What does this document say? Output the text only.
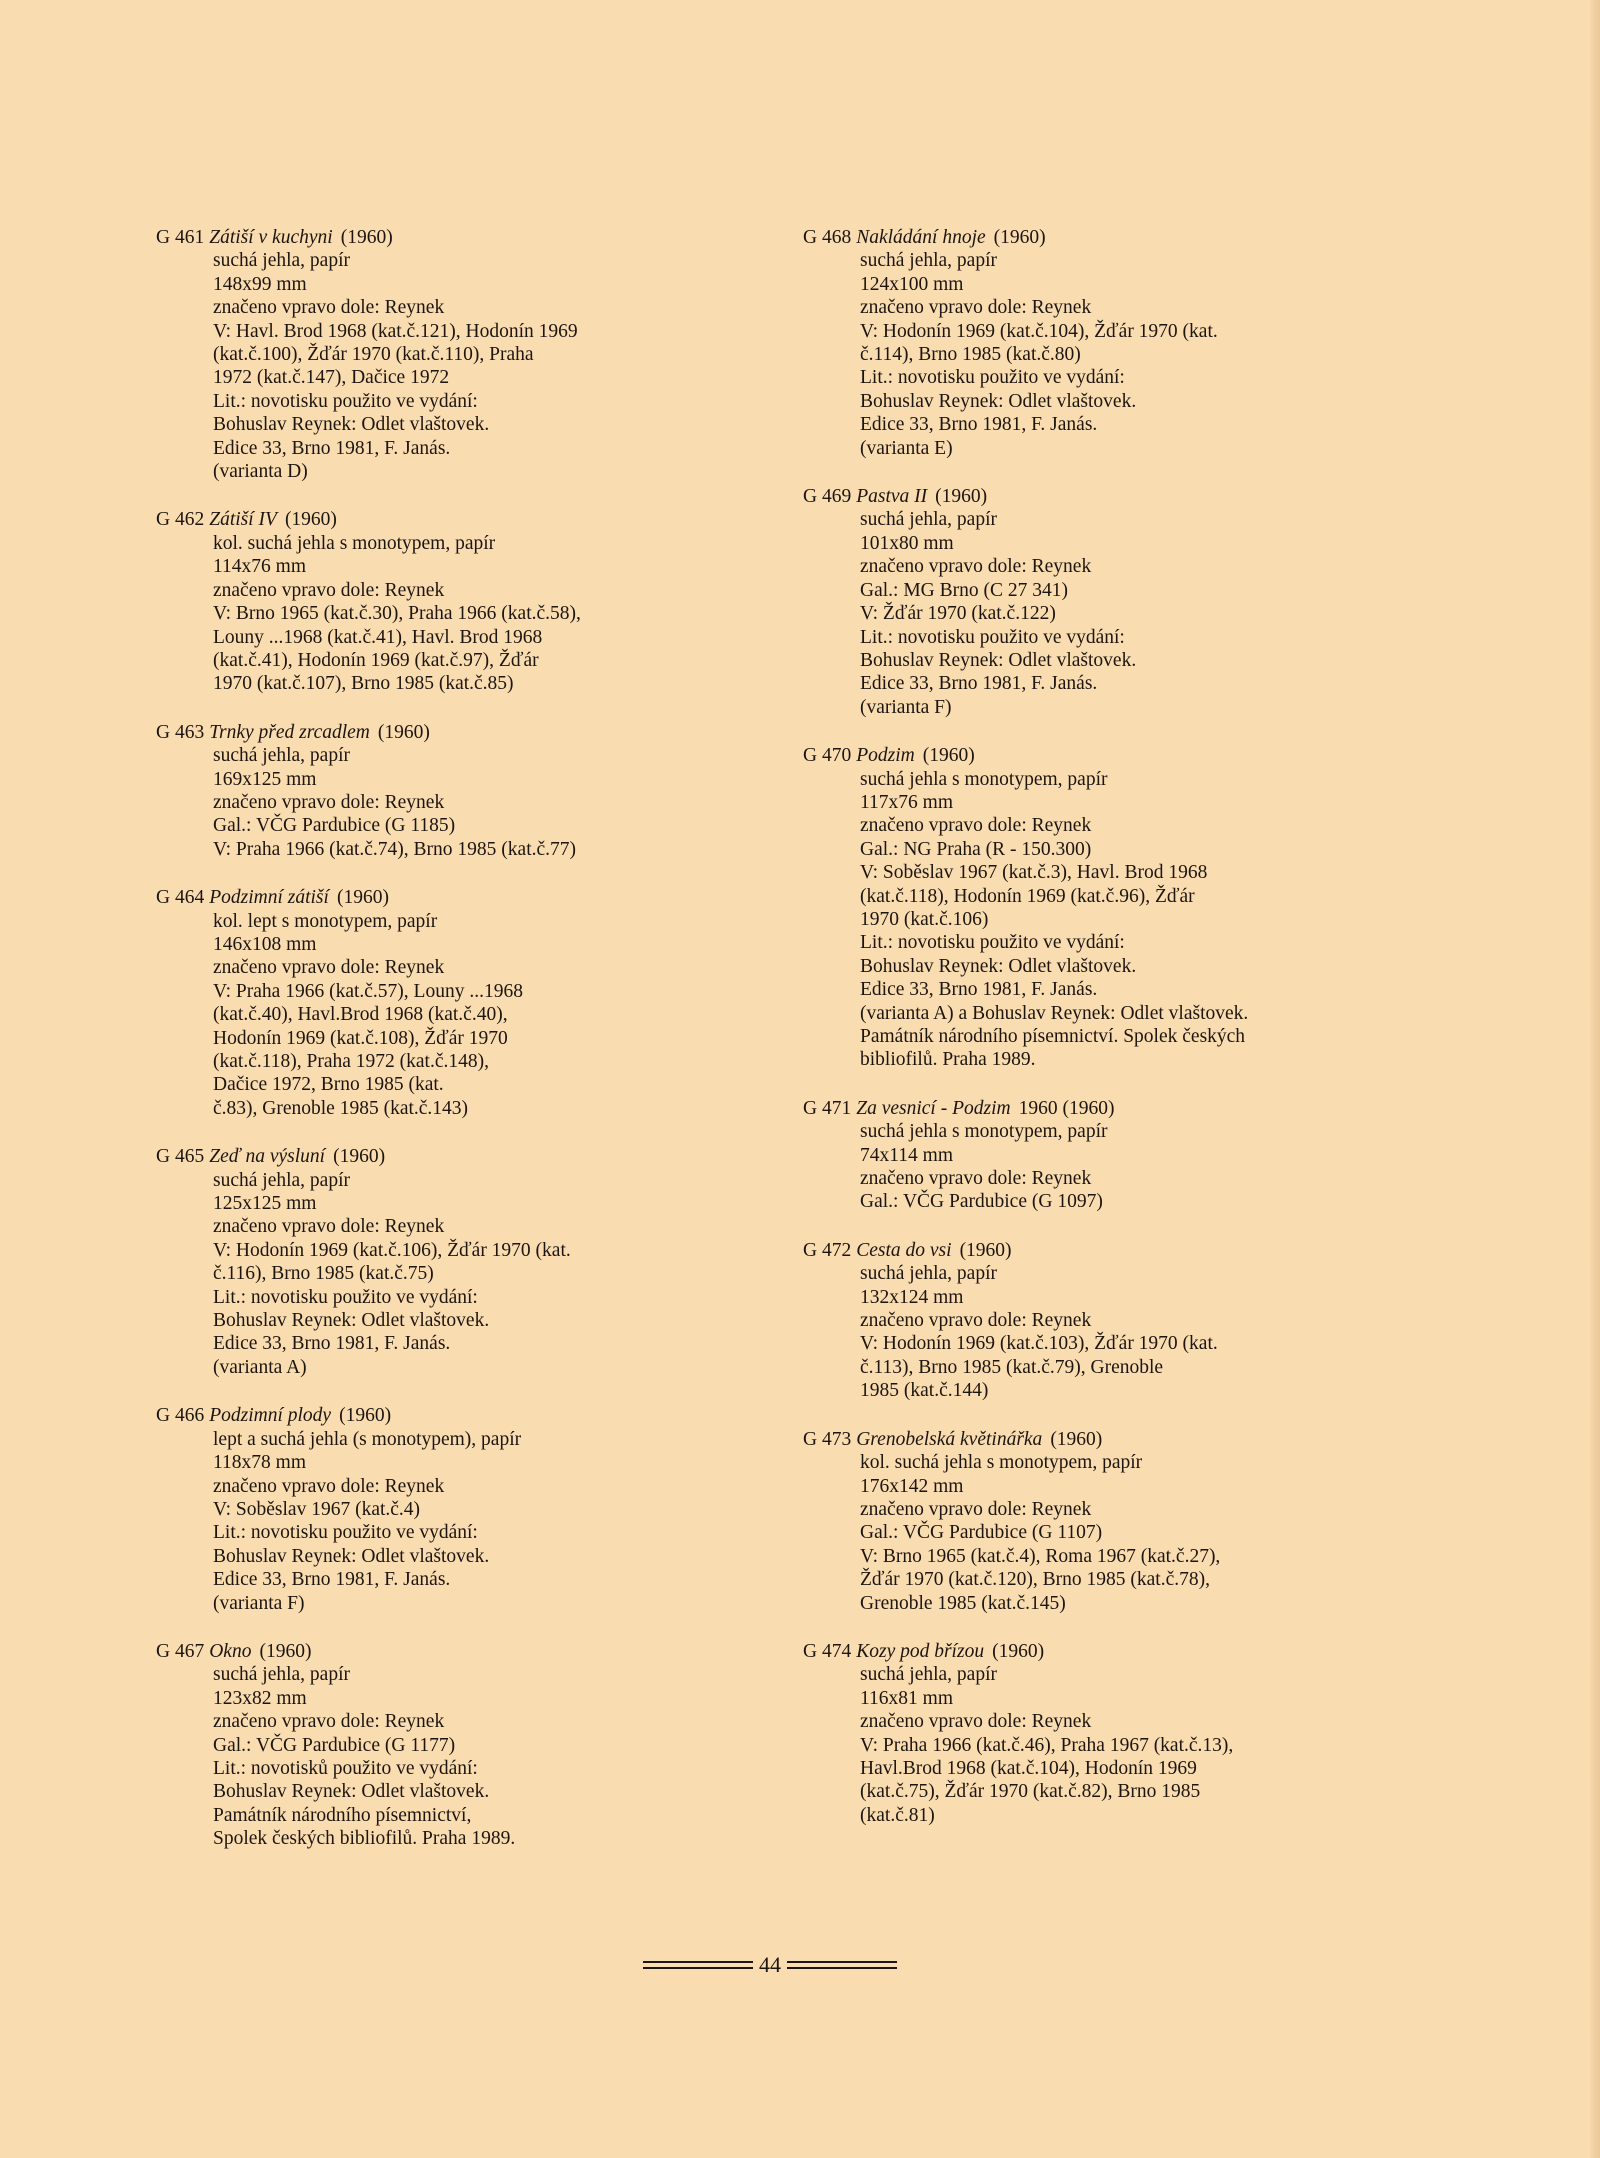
G 461 Zátiší v kuchyni (1960)
suchá jehla, papír
148x99 mm
značeno vpravo dole: Reynek
V: Havl. Brod 1968 (kat.č.121), Hodonín 1969
(kat.č.100), Žďár 1970 (kat.č.110), Praha
1972 (kat.č.147), Dačice 1972
Lit.: novotisku použito ve vydání:
Bohuslav Reynek: Odlet vlaštovek.
Edice 33, Brno 1981, F. Janás.
(varianta D)
G 462 Zátiší IV (1960)
kol. suchá jehla s monotypem, papír
114x76 mm
značeno vpravo dole: Reynek
V: Brno 1965 (kat.č.30), Praha 1966 (kat.č.58),
Louny ...1968 (kat.č.41), Havl. Brod 1968
(kat.č.41), Hodonín 1969 (kat.č.97), Žďár
1970 (kat.č.107), Brno 1985 (kat.č.85)
G 463 Trnky před zrcadlem (1960)
suchá jehla, papír
169x125 mm
značeno vpravo dole: Reynek
Gal.: VČG Pardubice (G 1185)
V: Praha 1966 (kat.č.74), Brno 1985 (kat.č.77)
G 464 Podzimní zátiší (1960)
kol. lept s monotypem, papír
146x108 mm
značeno vpravo dole: Reynek
V: Praha 1966 (kat.č.57), Louny ...1968
(kat.č.40), Havl.Brod 1968 (kat.č.40),
Hodonín 1969 (kat.č.108), Žďár 1970
(kat.č.118), Praha 1972 (kat.č.148),
Dačice 1972, Brno 1985 (kat.
č.83), Grenoble 1985 (kat.č.143)
G 465 Zeď na výsluní (1960)
suchá jehla, papír
125x125 mm
značeno vpravo dole: Reynek
V: Hodonín 1969 (kat.č.106), Žďár 1970 (kat.
č.116), Brno 1985 (kat.č.75)
Lit.: novotisku použito ve vydání:
Bohuslav Reynek: Odlet vlaštovek.
Edice 33, Brno 1981, F. Janás.
(varianta A)
G 466 Podzimní plody (1960)
lept a suchá jehla (s monotypem), papír
118x78 mm
značeno vpravo dole: Reynek
V: Soběslav 1967 (kat.č.4)
Lit.: novotisku použito ve vydání:
Bohuslav Reynek: Odlet vlaštovek.
Edice 33, Brno 1981, F. Janás.
(varianta F)
G 467 Okno (1960)
suchá jehla, papír
123x82 mm
značeno vpravo dole: Reynek
Gal.: VČG Pardubice (G 1177)
Lit.: novotisků použito ve vydání:
Bohuslav Reynek: Odlet vlaštovek.
Památník národního písemnictví,
Spolek českých bibliofilů. Praha 1989.
G 468 Nakládání hnoje (1960)
suchá jehla, papír
124x100 mm
značeno vpravo dole: Reynek
V: Hodonín 1969 (kat.č.104), Žďár 1970 (kat.
č.114), Brno 1985 (kat.č.80)
Lit.: novotisku použito ve vydání:
Bohuslav Reynek: Odlet vlaštovek.
Edice 33, Brno 1981, F. Janás.
(varianta E)
G 469 Pastva II (1960)
suchá jehla, papír
101x80 mm
značeno vpravo dole: Reynek
Gal.: MG Brno (C 27 341)
V: Žďár 1970 (kat.č.122)
Lit.: novotisku použito ve vydání:
Bohuslav Reynek: Odlet vlaštovek.
Edice 33, Brno 1981, F. Janás.
(varianta F)
G 470 Podzim (1960)
suchá jehla s monotypem, papír
117x76 mm
značeno vpravo dole: Reynek
Gal.: NG Praha (R - 150.300)
V: Soběslav 1967 (kat.č.3), Havl. Brod 1968
(kat.č.118), Hodonín 1969 (kat.č.96), Žďár
1970 (kat.č.106)
Lit.: novotisku použito ve vydání:
Bohuslav Reynek: Odlet vlaštovek.
Edice 33, Brno 1981, F. Janás.
(varianta A) a Bohuslav Reynek: Odlet vlaštovek.
Památník národního písemnictví. Spolek českých
bibliofilů. Praha 1989.
G 471 Za vesnicí - Podzim 1960 (1960)
suchá jehla s monotypem, papír
74x114 mm
značeno vpravo dole: Reynek
Gal.: VČG Pardubice (G 1097)
G 472 Cesta do vsi (1960)
suchá jehla, papír
132x124 mm
značeno vpravo dole: Reynek
V: Hodonín 1969 (kat.č.103), Žďár 1970 (kat.
č.113), Brno 1985 (kat.č.79), Grenoble
1985 (kat.č.144)
G 473 Grenobelská květinářka (1960)
kol. suchá jehla s monotypem, papír
176x142 mm
značeno vpravo dole: Reynek
Gal.: VČG Pardubice (G 1107)
V: Brno 1965 (kat.č.4), Roma 1967 (kat.č.27),
Žďár 1970 (kat.č.120), Brno 1985 (kat.č.78),
Grenoble 1985 (kat.č.145)
G 474 Kozy pod břízou (1960)
suchá jehla, papír
116x81 mm
značeno vpravo dole: Reynek
V: Praha 1966 (kat.č.46), Praha 1967 (kat.č.13),
Havl.Brod 1968 (kat.č.104), Hodonín 1969
(kat.č.75), Žďár 1970 (kat.č.82), Brno 1985
(kat.č.81)
44
